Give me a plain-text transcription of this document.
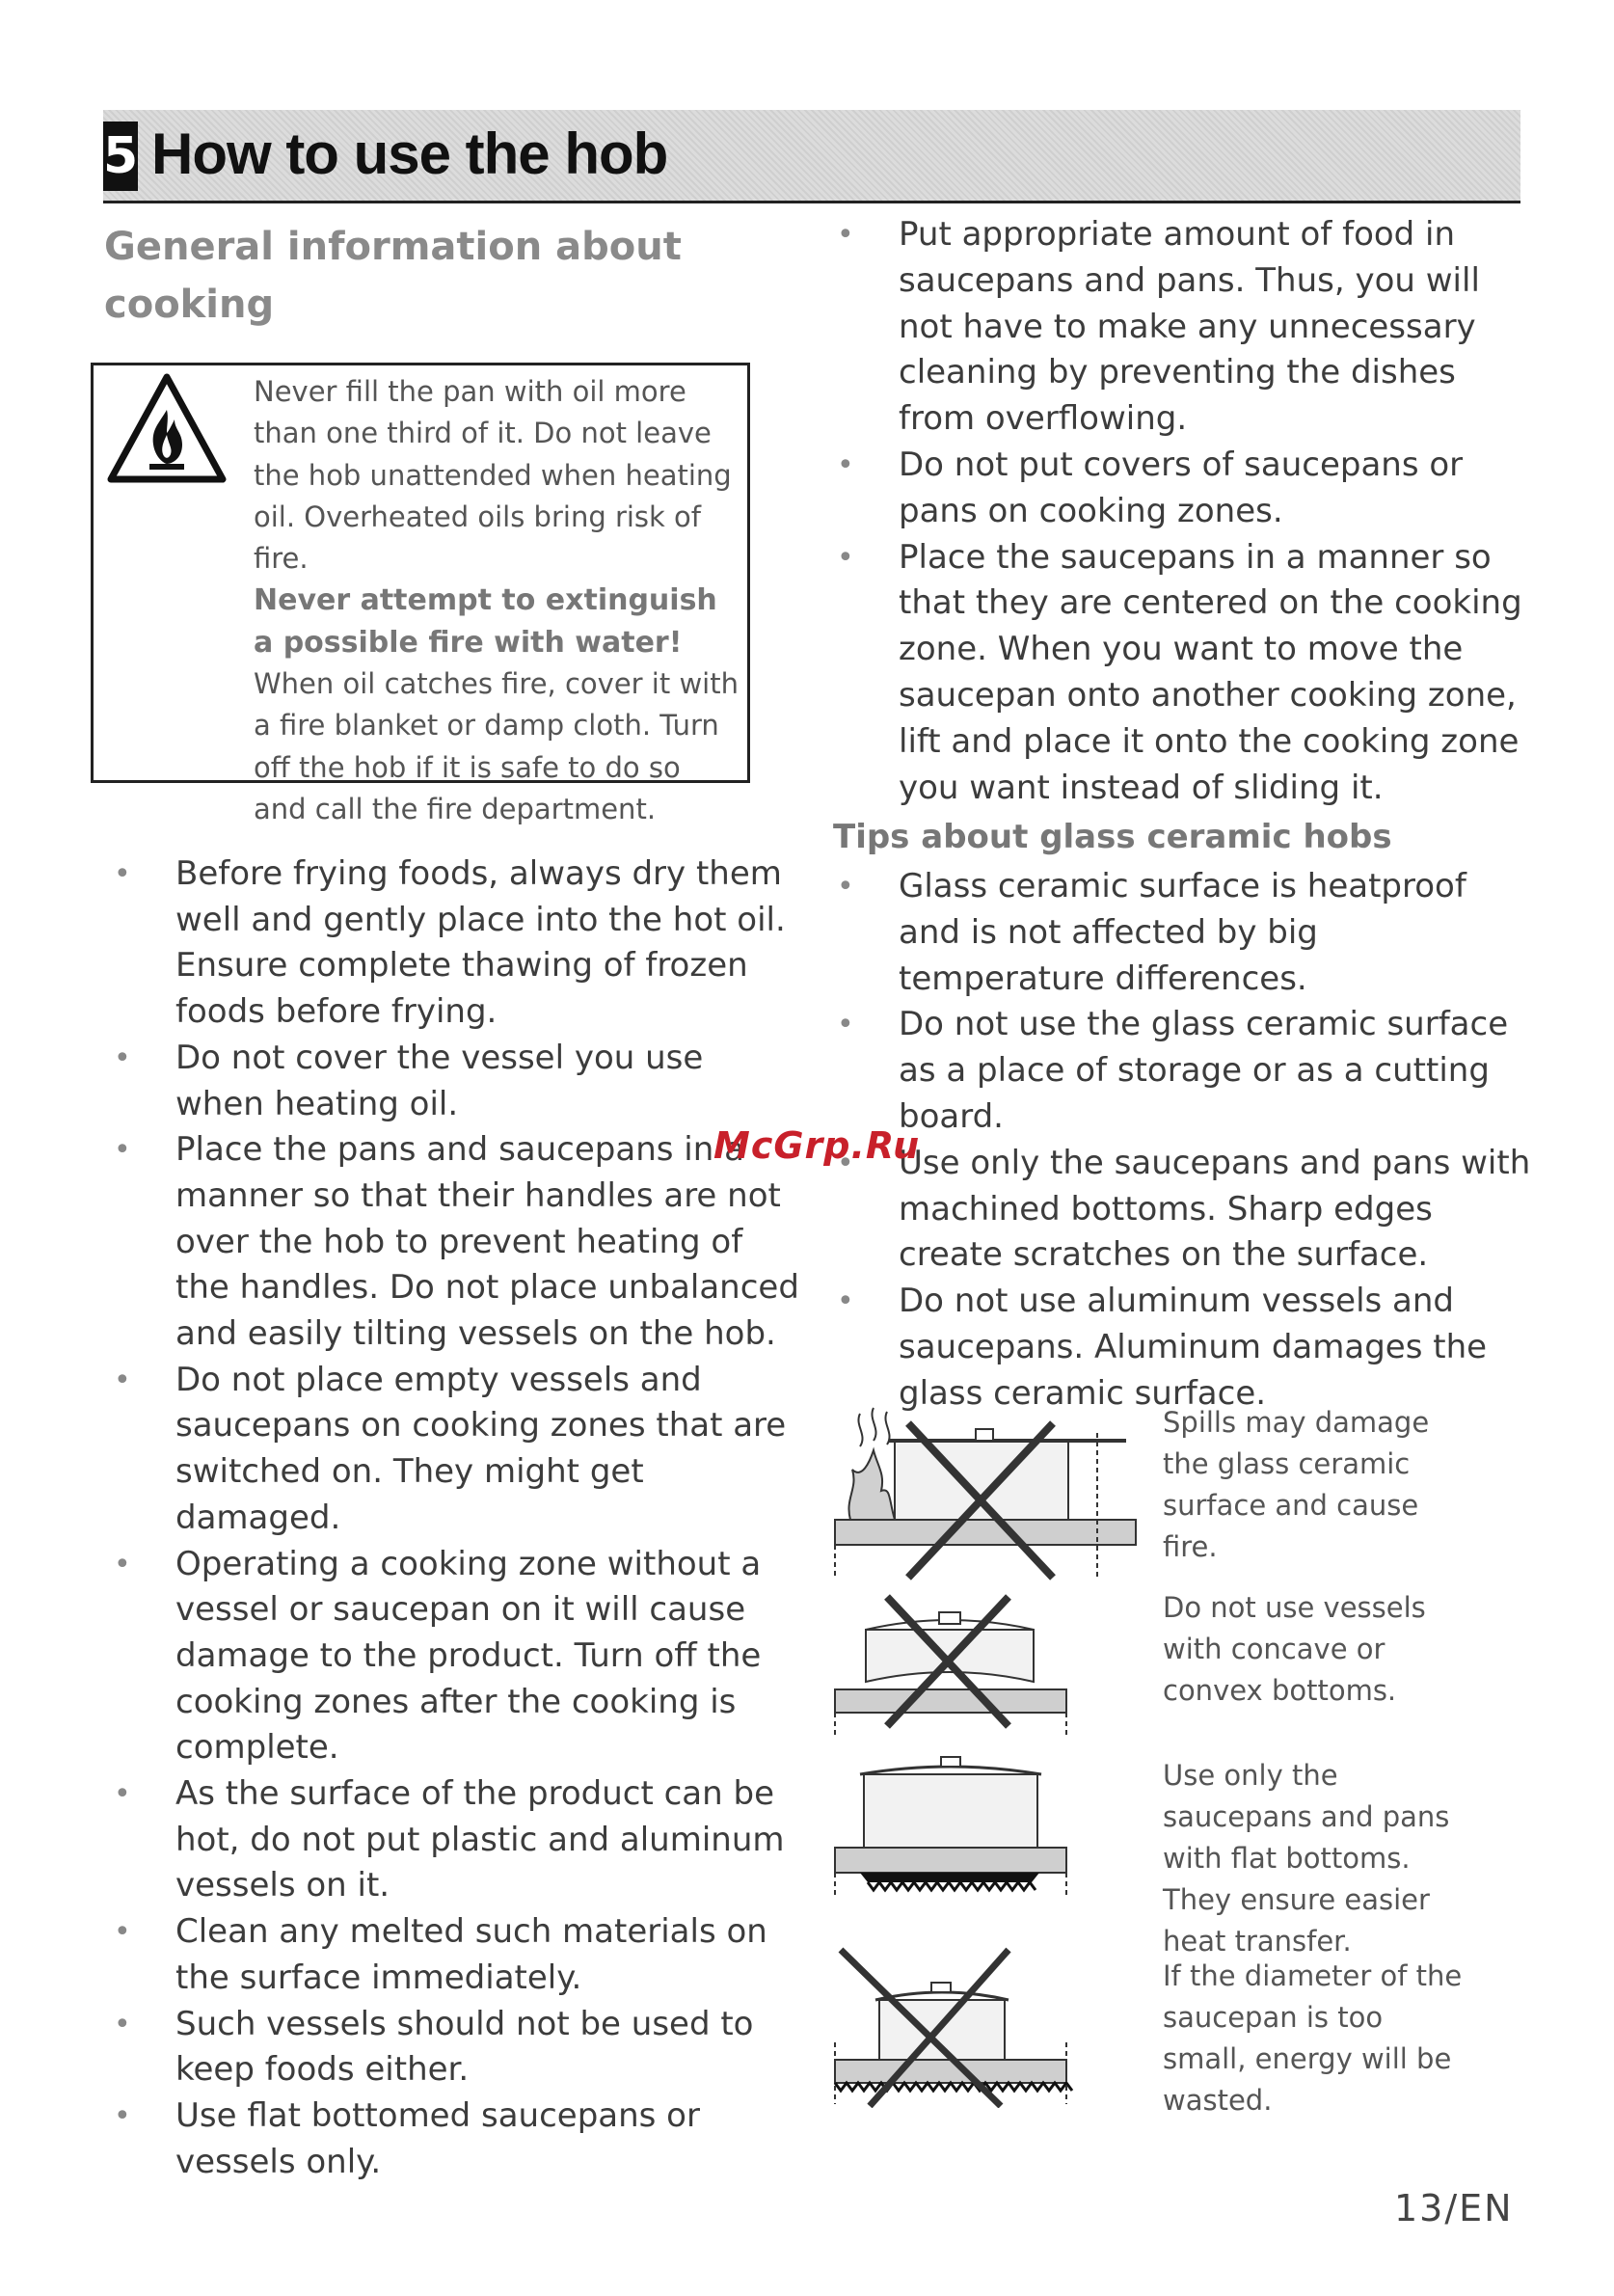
5 How to use the hob
General information about cooking

Never fill the pan with oil more than one third of it. Do not leave the hob unattended when heating oil. Overheated oils bring risk of fire.
Never attempt to extinguish a possible fire with water!
When oil catches fire, cover it with a fire blanket or damp cloth. Turn off the hob if it is safe to do so and call the fire department.

• Before frying foods, always dry them well and gently place into the hot oil. Ensure complete thawing of frozen foods before frying.
• Do not cover the vessel you use when heating oil.
• Place the pans and saucepans in a manner so that their handles are not over the hob to prevent heating of the handles. Do not place unbalanced and easily tilting vessels on the hob.
• Do not place empty vessels and saucepans on cooking zones that are switched on. They might get damaged.
• Operating a cooking zone without a vessel or saucepan on it will cause damage to the product. Turn off the cooking zones after the cooking is complete.
• As the surface of the product can be hot, do not put plastic and aluminum vessels on it.
• Clean any melted such materials on the surface immediately.
• Such vessels should not be used to keep foods either.
• Use flat bottomed saucepans or vessels only.
• Put appropriate amount of food in saucepans and pans. Thus, you will not have to make any unnecessary cleaning by preventing the dishes from overflowing.
• Do not put covers of saucepans or pans on cooking zones.
• Place the saucepans in a manner so that they are centered on the cooking zone. When you want to move the saucepan onto another cooking zone, lift and place it onto the cooking zone you want instead of sliding it.
Tips about glass ceramic hobs
• Glass ceramic surface is heatproof and is not affected by big temperature differences.
• Do not use the glass ceramic surface as a place of storage or as a cutting board.
• Use only the saucepans and pans with machined bottoms. Sharp edges create scratches on the surface.
• Do not use aluminum vessels and saucepans. Aluminum damages the glass ceramic surface.

Spills may damage the glass ceramic surface and cause fire.

Do not use vessels with concave or convex bottoms.

Use only the saucepans and pans with flat bottoms. They ensure easier heat transfer.

If the diameter of the saucepan is too small, energy will be wasted.

McGrp.Ru
13/EN
